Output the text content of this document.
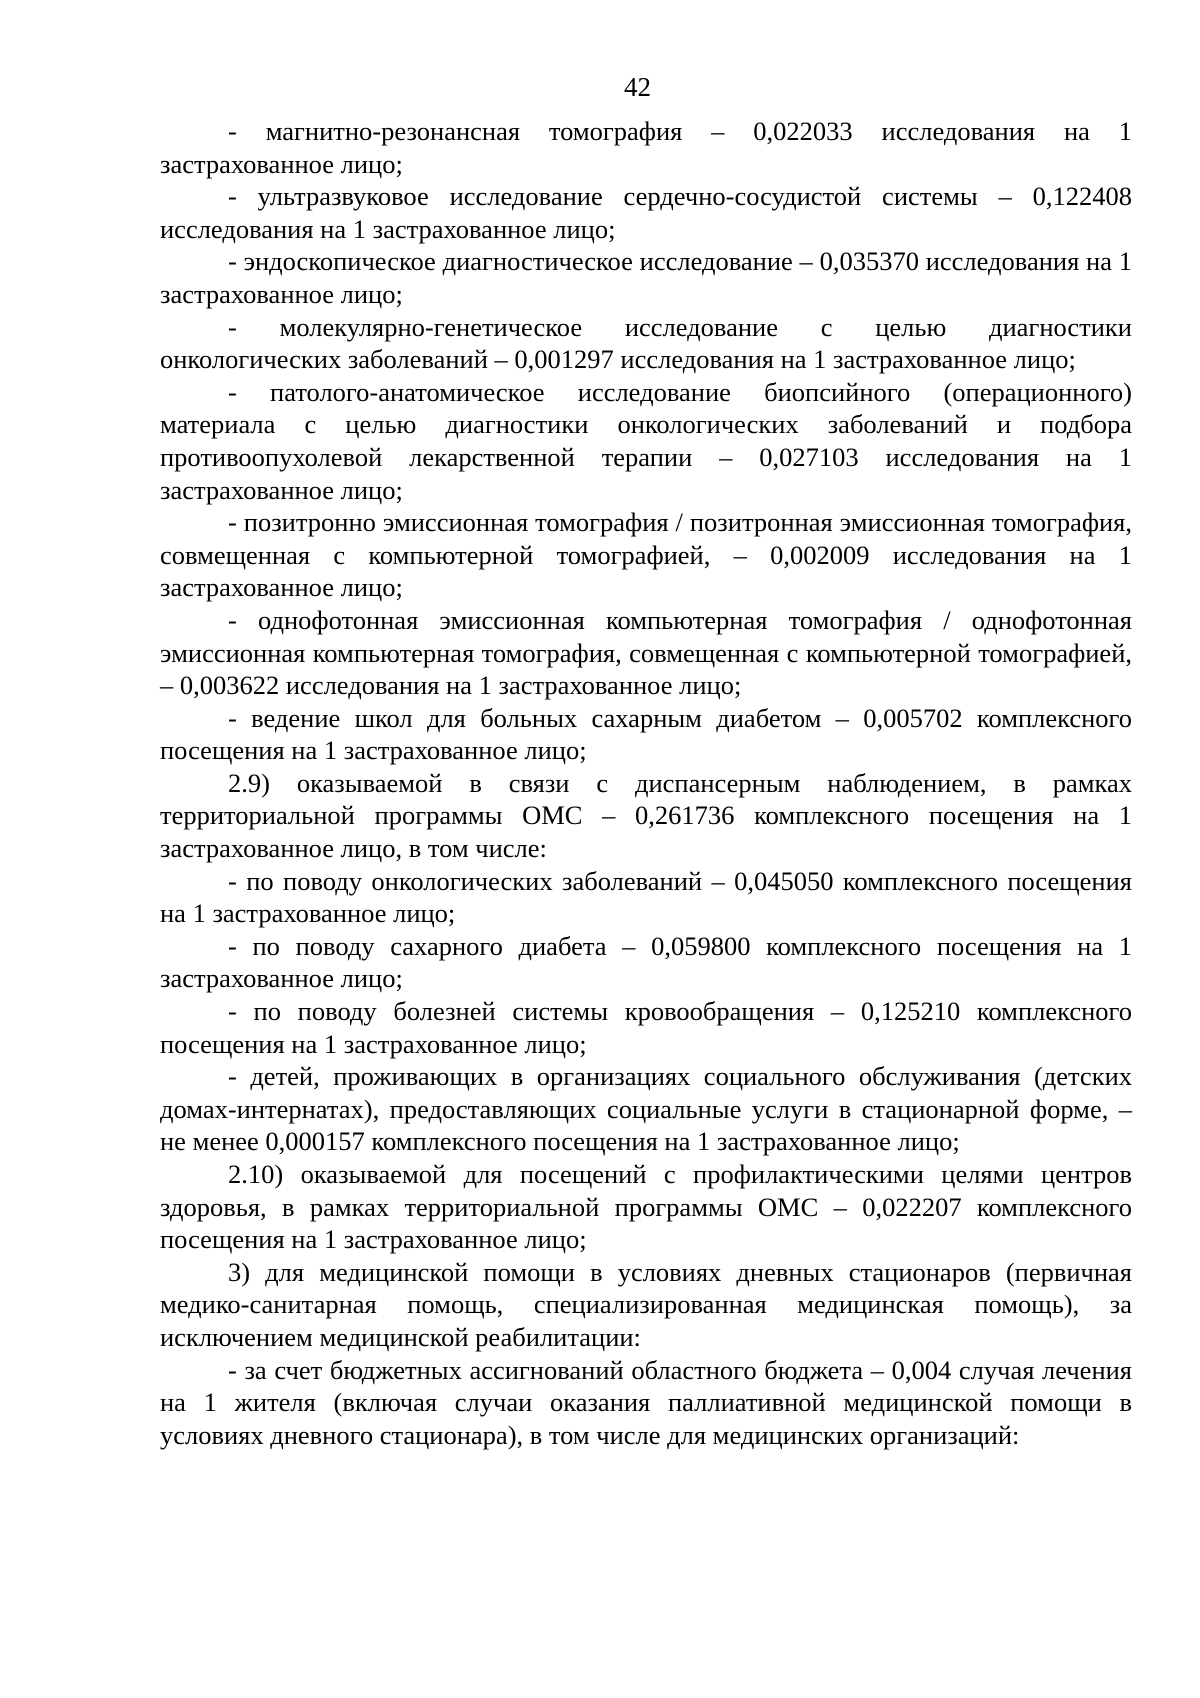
42

- магнитно-резонансная томография – 0,022033 исследования на 1 застрахованное лицо;

- ультразвуковое исследование сердечно-сосудистой системы – 0,122408 исследования на 1 застрахованное лицо;

- эндоскопическое диагностическое исследование – 0,035370 исследования на 1 застрахованное лицо;

- молекулярно-генетическое исследование с целью диагностики онкологических заболеваний – 0,001297 исследования на 1 застрахованное лицо;

- патолого-анатомическое исследование биопсийного (операционного) материала с целью диагностики онкологических заболеваний и подбора противоопухолевой лекарственной терапии – 0,027103 исследования на 1 застрахованное лицо;

- позитронно эмиссионная томография / позитронная эмиссионная томография, совмещенная с компьютерной томографией, – 0,002009 исследования на 1 застрахованное лицо;

- однофотонная эмиссионная компьютерная томография / однофотонная эмиссионная компьютерная томография, совмещенная с компьютерной томографией, – 0,003622 исследования на 1 застрахованное лицо;

- ведение школ для больных сахарным диабетом – 0,005702 комплексного посещения на 1 застрахованное лицо;

2.9) оказываемой в связи с диспансерным наблюдением, в рамках территориальной программы ОМС – 0,261736 комплексного посещения на 1 застрахованное лицо, в том числе:

- по поводу онкологических заболеваний – 0,045050 комплексного посещения на 1 застрахованное лицо;

- по поводу сахарного диабета – 0,059800 комплексного посещения на 1 застрахованное лицо;

- по поводу болезней системы кровообращения – 0,125210 комплексного посещения на 1 застрахованное лицо;

- детей, проживающих в организациях социального обслуживания (детских домах-интернатах), предоставляющих социальные услуги в стационарной форме, – не менее 0,000157 комплексного посещения на 1 застрахованное лицо;

2.10) оказываемой для посещений с профилактическими целями центров здоровья, в рамках территориальной программы ОМС – 0,022207 комплексного посещения на 1 застрахованное лицо;

3) для медицинской помощи в условиях дневных стационаров (первичная медико-санитарная помощь, специализированная медицинская помощь), за исключением медицинской реабилитации:

- за счет бюджетных ассигнований областного бюджета – 0,004 случая лечения на 1 жителя (включая случаи оказания паллиативной медицинской помощи в условиях дневного стационара), в том числе для медицинских организаций:
